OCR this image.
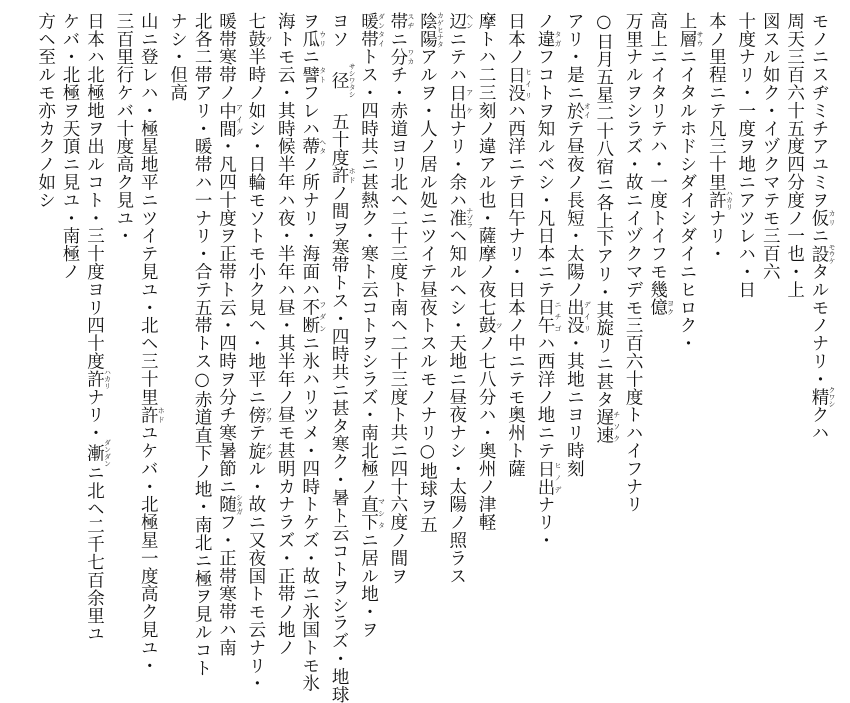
モノニスヂミチアユミヲ仮 カリニ設 モウケタルモノナリ・精 クワシクハ
周天三百六十五度四分度ノ一也・上
図スル如ク・イヅクマテモ三百六
十度ナリ・一度ヲ地ニアツレハ・日
本ノ里程ニテ凡三十里許 ハカリナリ・
上層 サウニイタルホドシダイシダイニヒロク・
高上ニイタリテハ・一度トイフモ幾億 ヨク
万里ナルヲシラズ・故ニイヅクマデモ三百六十度トハイフナリ
○日月五星二十八宿ニ各上下アリ・其旋リニ甚タ遅速 チソク
アリ・是ニ於 オイテ昼夜ノ長短・太陽ノ出没 デイリ・其地ニヨリ時刻
ノ違 タガフコトヲ知ルベシ・凡日本ニテ日午 ニチゴハ西洋ノ地ニテ日出 ヒノデナリ・
日本ノ日没 ヒイリハ西洋ニテ日午ナリ・日本ノ中ニテモ奥州ト薩
摩トハ二三刻ノ違アル也・薩摩ノ夜七鼓 ツノ七八分ハ・奥州ノ津軽
辺 ヘンニテハ日出 アケナリ・余ハ准 ナゾラヘ知ルヘシ・天地ニ昼夜ナシ・太陽ノ照ラス
陰陽 カゲヒナタアルヲ・人ノ居ル処ニツイテ昼夜トスルモノナリ○地球ヲ五
帯 スヂニ分 ワカチ・赤道ヨリ北ヘ二十三度ト南ヘ二十三度ト共ニ四十六度ノ間ヲ
暖帯 ダンタイトス・四時共ニ甚熱ク・寒ト云コトヲシラズ・南北極ノ直下 マシタニ居ル地・ヲ
ヨソ　径 サシワタシ　五十度許 ホドノ間ヲ寒帯トス・四時共ニ甚タ寒ク・暑ト云コトヲシラズ・地球
ヲ瓜 ウリニ譬 タトフレハ蔕 ヘタノ所ナリ・海面ハ不断 フダンニ氷ハリツメ・四時トケズ・故ニ氷国トモ氷
海トモ云・其時候半年ハ夜・半年ハ昼・其半年ノ昼モ甚明カナラズ・正帯ノ地ノ
七鼓 ツ半時ノ如シ・日輪モソトモ小ク見ヘ・地平ニ傍 ソウテ旋 メグル・故ニ又夜国トモ云ナリ・
暖帯寒帯ノ中間 アイダ・凡四十度ヲ正帯ト云・四時ヲ分チ寒暑節ニ随 シタガフ・正帯寒帯ハ南
北各二帯アリ・暖帯ハ一ナリ・合テ五帯トス○赤道直下ノ地・南北ニ極ヲ見ルコト
ナシ・但高
山ニ登レハ・極星地平ニツイテ見ユ・北ヘ三十里許 ホドユケバ・北極星一度高ク見ユ・
三百里行ケバ十度高ク見ユ・
日本ハ北極地ヲ出ルコト・三十度ヨリ四十度許 ハカリナリ・漸 ダンダンニ北ヘ二千七百余里ユ
ケバ・北極ヲ天頂ニ見ユ・南極ノ
方ヘ至ルモ亦カクノ如シ
